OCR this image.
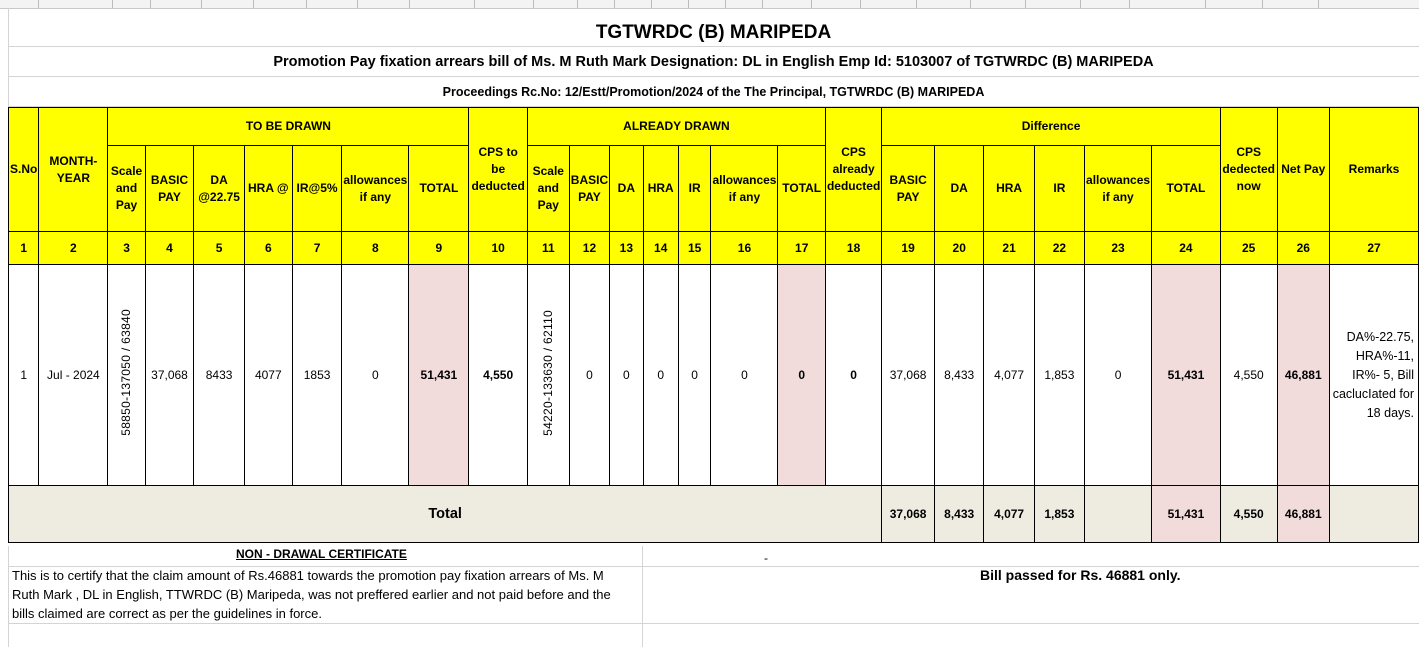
TGTWRDC (B) MARIPEDA
Promotion Pay fixation arrears bill of Ms. M Ruth Mark Designation: DL in English Emp Id: 5103007 of TGTWRDC (B) MARIPEDA
Proceedings Rc.No: 12/Estt/Promotion/2024 of the The Principal, TGTWRDC (B) MARIPEDA
S.No	MONTH-YEAR	TO BE DRAWN							CPS to be deducted	ALREADY DRAWN							CPS already deducted	Difference						CPS dedected now	Net Pay	Remarks
		Scale and Pay	BASIC PAY	DA @22.75	HRA @	IR@5%	allowances if any	TOTAL		Scale and Pay	BASIC PAY	DA	HRA	IR	allowances if any	TOTAL		BASIC PAY	DA	HRA	IR	allowances if any	TOTAL			
1	2	3	4	5	6	7	8	9	10	11	12	13	14	15	16	17	18	19	20	21	22	23	24	25	26	27
1	Jul - 2024	58850-137050 / 63840	37,068	8433	4077	1853	0	51,431	4,550	54220-133630 / 62110	0	0	0	0	0	0	0	37,068	8,433	4,077	1,853	0	51,431	4,550	46,881	DA%-22.75, HRA%-11, IR%- 5, Bill caclucIated for 18 days.
Total																		37,068	8,433	4,077	1,853		51,431	4,550	46,881	
NON - DRAWAL CERTIFICATE	-
This is to certify that the claim amount of Rs.46881 towards the promotion pay fixation arrears of Ms. M Ruth Mark , DL in English, TTWRDC (B) Maripeda, was not preffered earlier and not paid before and the bills claimed are correct as per the guidelines in force.
Bill passed for Rs. 46881 only.
